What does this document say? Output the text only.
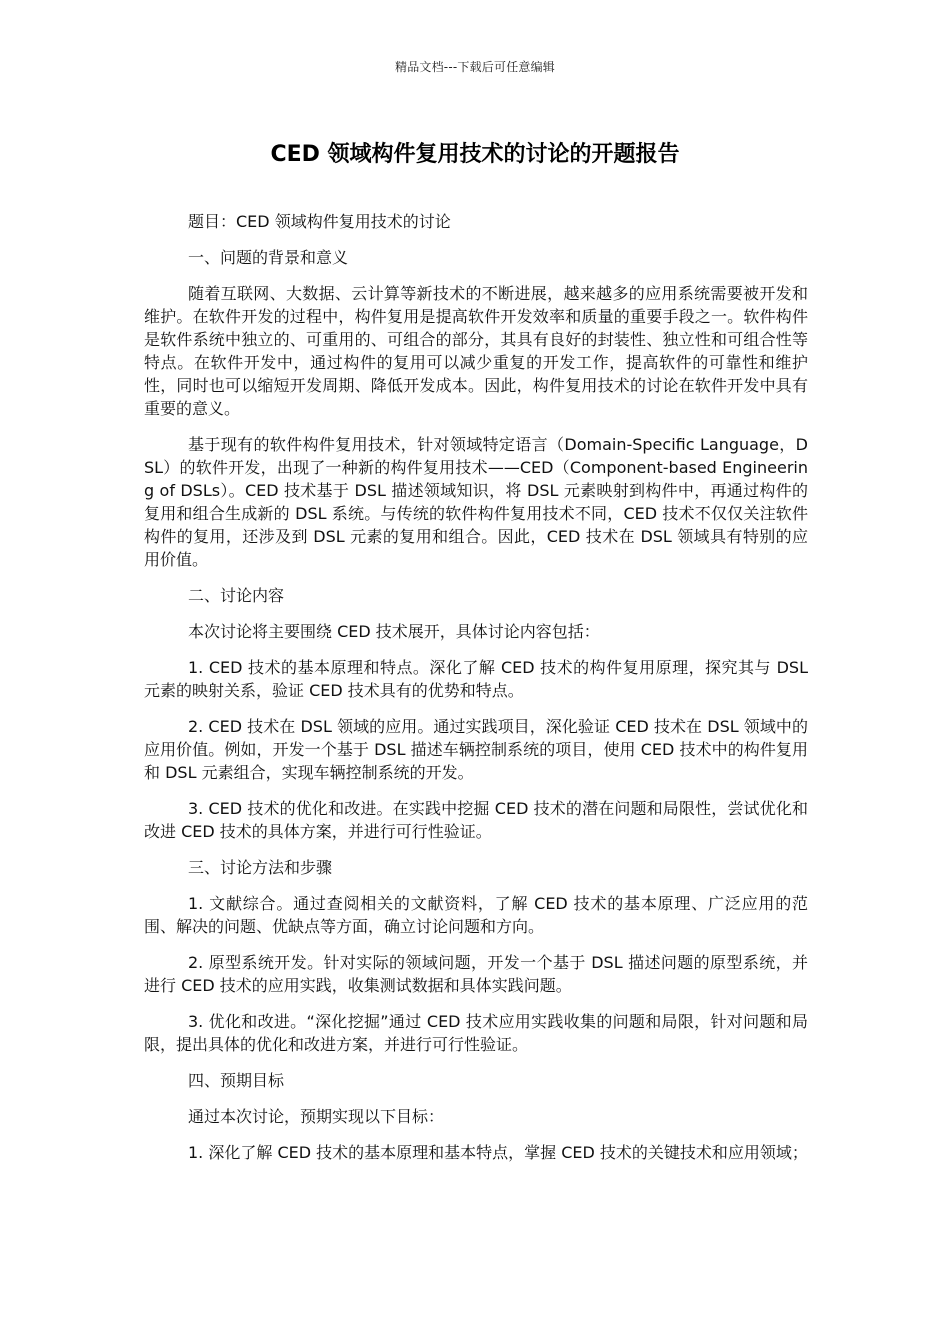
精品文档---下载后可任意编辑
CED 领域构件复用技术的讨论的开题报告

题目：CED 领域构件复用技术的讨论

一、问题的背景和意义

随着互联网、大数据、云计算等新技术的不断进展，越来越多的应用系统需要被开发和维护。在软件开发的过程中，构件复用是提高软件开发效率和质量的重要手段之一。软件构件是软件系统中独立的、可重用的、可组合的部分，其具有良好的封装性、独立性和可组合性等特点。在软件开发中，通过构件的复用可以减少重复的开发工作，提高软件的可靠性和维护性，同时也可以缩短开发周期、降低开发成本。因此，构件复用技术的讨论在软件开发中具有重要的意义。

基于现有的软件构件复用技术，针对领域特定语言（Domain-Specific Language，DSL）的软件开发，出现了一种新的构件复用技术——CED（Component-based Engineering of DSLs）。CED 技术基于 DSL 描述领域知识，将 DSL 元素映射到构件中，再通过构件的复用和组合生成新的 DSL 系统。与传统的软件构件复用技术不同，CED 技术不仅仅关注软件构件的复用，还涉及到 DSL 元素的复用和组合。因此，CED 技术在 DSL 领域具有特别的应用价值。

二、讨论内容

本次讨论将主要围绕 CED 技术展开，具体讨论内容包括：

1. CED 技术的基本原理和特点。深化了解 CED 技术的构件复用原理，探究其与 DSL 元素的映射关系，验证 CED 技术具有的优势和特点。

2. CED 技术在 DSL 领域的应用。通过实践项目，深化验证 CED 技术在 DSL 领域中的应用价值。例如，开发一个基于 DSL 描述车辆控制系统的项目，使用 CED 技术中的构件复用和 DSL 元素组合，实现车辆控制系统的开发。

3. CED 技术的优化和改进。在实践中挖掘 CED 技术的潜在问题和局限性，尝试优化和改进 CED 技术的具体方案，并进行可行性验证。

三、讨论方法和步骤

1. 文献综合。通过查阅相关的文献资料，了解 CED 技术的基本原理、广泛应用的范围、解决的问题、优缺点等方面，确立讨论问题和方向。

2. 原型系统开发。针对实际的领域问题，开发一个基于 DSL 描述问题的原型系统，并进行 CED 技术的应用实践，收集测试数据和具体实践问题。

3. 优化和改进。“深化挖掘”通过 CED 技术应用实践收集的问题和局限，针对问题和局限，提出具体的优化和改进方案，并进行可行性验证。

四、预期目标

通过本次讨论，预期实现以下目标：

1. 深化了解 CED 技术的基本原理和基本特点，掌握 CED 技术的关键技术和应用领域；
